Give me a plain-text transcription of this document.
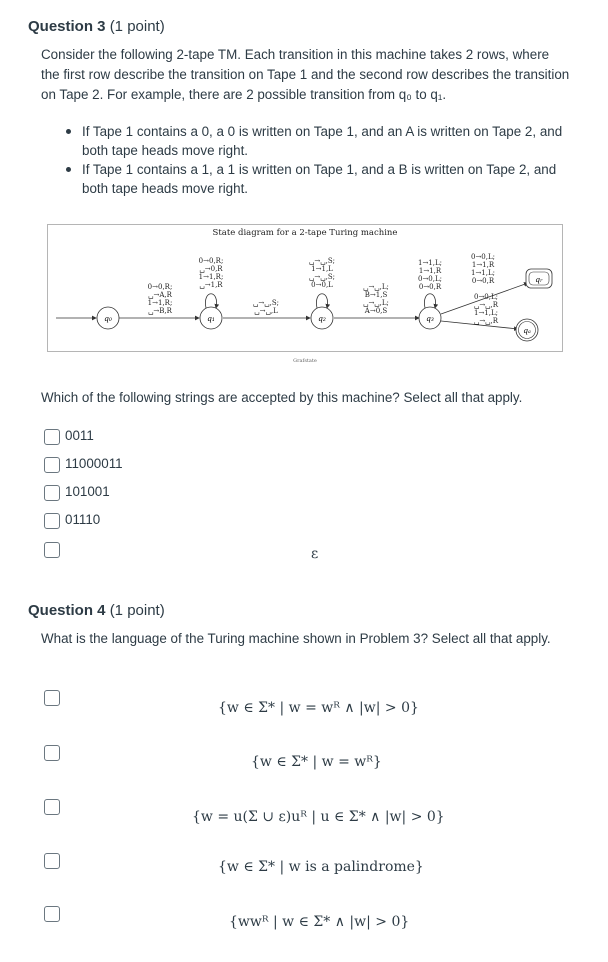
Question 3 (1 point)
Consider the following 2-tape TM. Each transition in this machine takes 2 rows, where the first row describe the transition on Tape 1 and the second row describes the transition on Tape 2. For example, there are 2 possible transition from q₀ to q₁.
If Tape 1 contains a 0, a 0 is written on Tape 1, and an A is written on Tape 2, and both tape heads move right.
If Tape 1 contains a 1, a 1 is written on Tape 1, and a B is written on Tape 2, and both tape heads move right.
State diagram for a 2-tape Turing machine
Grafstate
q₀	q₁	q₂	q₃
qᵣ
qₐ
0→0,R;
␣→A,R
1→1,R;
␣→B,R
0→0,R;
␣→0,R
1→1,R;
␣→1,R
␣→␣,S;
␣→␣,L
␣→␣,S;
1→1,L
␣→␣,S;
0→0,L	␣→␣,L;
B→1,S
␣→␣,L;
A→0,S
1→1,L;
1→1,R
0→0,L;
0→0,R
0→0,L;
1→1,R
1→1,L;
0→0,R
0→0,L;
␣→␣,R
1→1,L;
␣→␣,R
Which of the following strings are accepted by this machine? Select all that apply.
0011
11000011
101001
01110
ε
Question 4 (1 point)
What is the language of the Turing machine shown in Problem 3? Select all that apply.
{w ∈ Σ* | w = wᴿ ∧ |w| > 0}
{w ∈ Σ* | w = wᴿ}
{w = u(Σ ∪ ε)uᴿ | u ∈ Σ* ∧ |w| > 0}
{w ∈ Σ* | w is a palindrome}
{wwᴿ | w ∈ Σ* ∧ |w| > 0}
